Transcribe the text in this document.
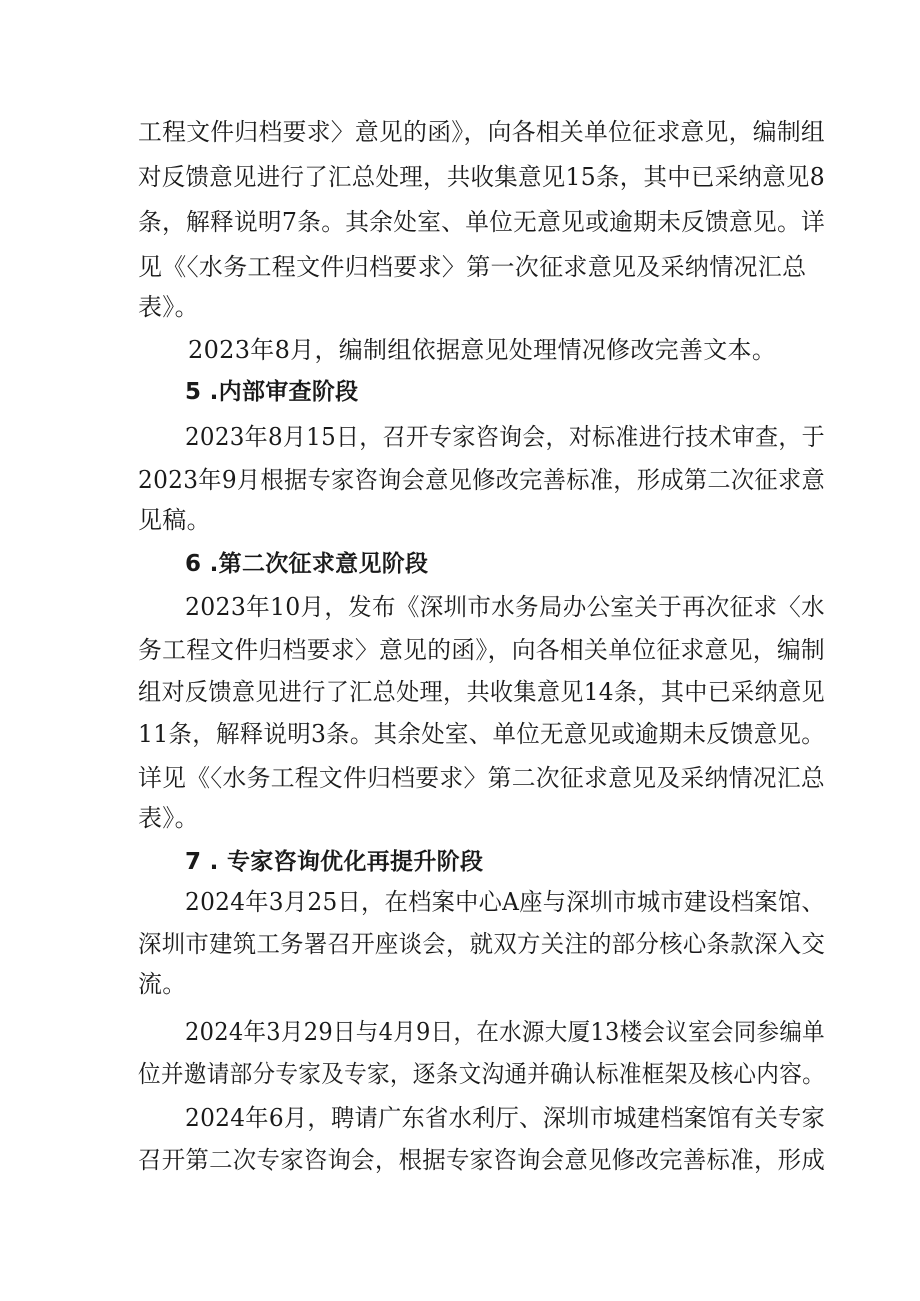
工程文件归档要求〉意见的函》，向各相关单位征求意见，编制组
对反馈意见进行了汇总处理，共收集意见15条，其中已采纳意见8
条，解释说明7条。其余处室、单位无意见或逾期未反馈意见。详
见《〈水务工程文件归档要求〉第一次征求意见及采纳情况汇总
表》。
2023年8月，编制组依据意见处理情况修改完善文本。
5 .内部审查阶段
2023年8月15日，召开专家咨询会，对标准进行技术审查，于
2023年9月根据专家咨询会意见修改完善标准，形成第二次征求意
见稿。
6 .第二次征求意见阶段
2023年10月，发布《深圳市水务局办公室关于再次征求〈水
务工程文件归档要求〉意见的函》，向各相关单位征求意见，编制
组对反馈意见进行了汇总处理，共收集意见14条，其中已采纳意见
11条，解释说明3条。其余处室、单位无意见或逾期未反馈意见。
详见《〈水务工程文件归档要求〉第二次征求意见及采纳情况汇总
表》。
7 . 专家咨询优化再提升阶段
2024年3月25日，在档案中心A座与深圳市城市建设档案馆、
深圳市建筑工务署召开座谈会，就双方关注的部分核心条款深入交
流。
2024年3月29日与4月9日，在水源大厦13楼会议室会同参编单
位并邀请部分专家及专家，逐条文沟通并确认标准框架及核心内容。
2024年6月，聘请广东省水利厅、深圳市城建档案馆有关专家
召开第二次专家咨询会，根据专家咨询会意见修改完善标准，形成
